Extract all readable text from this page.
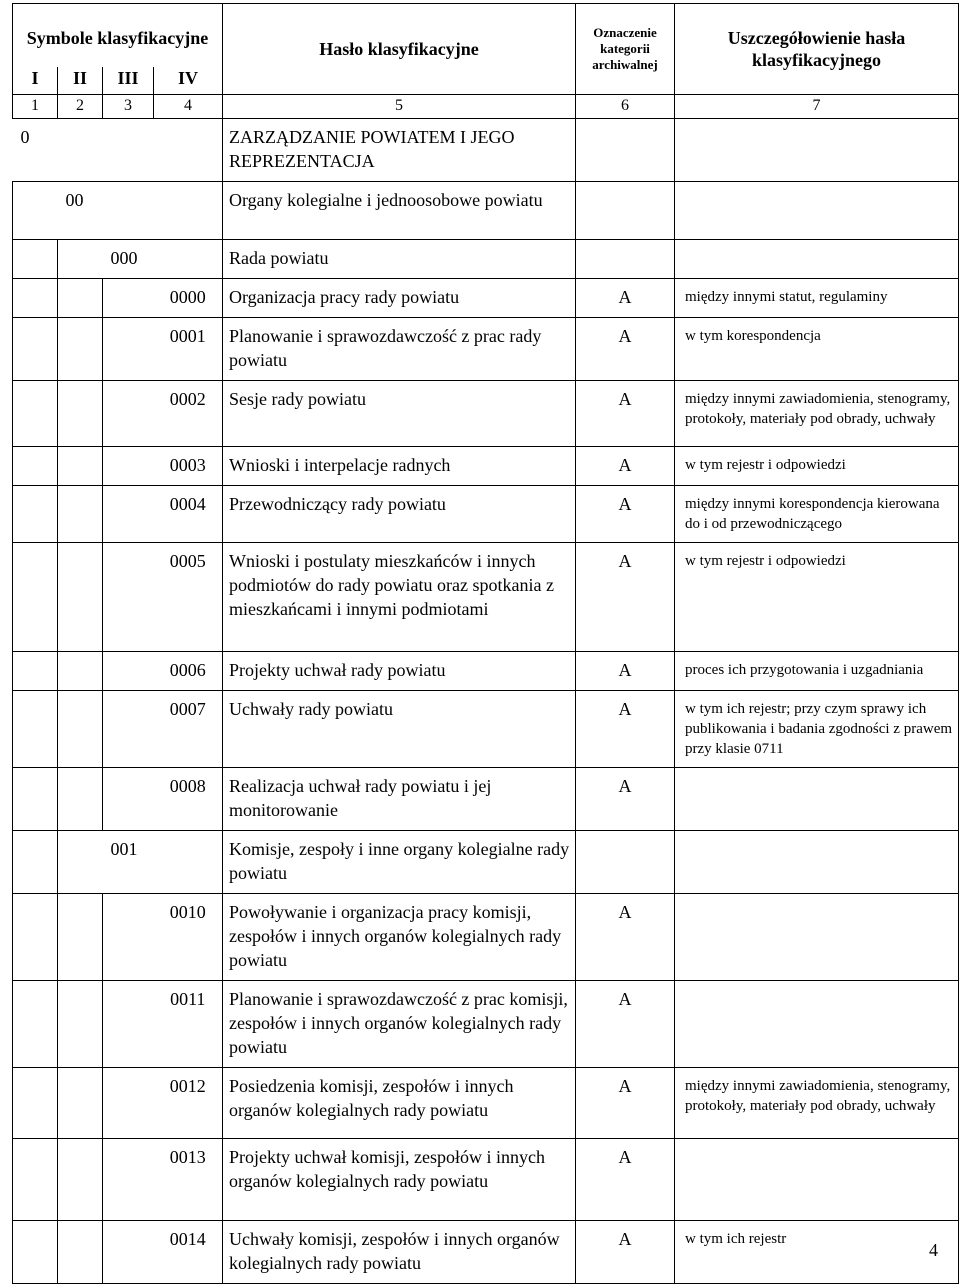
Symbole klasyfikacyjne				Hasło klasyfikacyjne	Oznaczenie kategorii archiwalnej	Uszczegółowienie hasła klasyfikacyjnego
I	II	III	IV			
1	2	3	4	5	6	7
0				ZARZĄDZANIE POWIATEM I JEGO REPREZENTACJA		
	00			Organy kolegialne i jednoosobowe powiatu		
		000		Rada powiatu		
			0000	Organizacja pracy rady powiatu	A	między innymi statut, regulaminy
			0001	Planowanie i sprawozdawczość z prac rady powiatu	A	w tym korespondencja
			0002	Sesje rady powiatu	A	między innymi zawiadomienia, stenogramy, protokoły, materiały pod obrady, uchwały
			0003	Wnioski i interpelacje radnych	A	w tym rejestr i odpowiedzi
			0004	Przewodniczący rady powiatu	A	między innymi korespondencja kierowana do i od przewodniczącego
			0005	Wnioski i postulaty mieszkańców i innych podmiotów do rady powiatu oraz spotkania z mieszkańcami i innymi podmiotami	A	w tym rejestr i odpowiedzi
			0006	Projekty uchwał rady powiatu	A	proces ich przygotowania i uzgadniania
			0007	Uchwały rady powiatu	A	w tym ich rejestr; przy czym sprawy ich publikowania i badania zgodności z prawem przy klasie 0711
			0008	Realizacja uchwał rady powiatu i jej monitorowanie	A	
		001		Komisje, zespoły i inne organy kolegialne rady powiatu		
			0010	Powoływanie i organizacja pracy komisji, zespołów i innych organów kolegialnych rady powiatu	A	
			0011	Planowanie i sprawozdawczość z prac komisji, zespołów i innych organów kolegialnych rady powiatu	A	
			0012	Posiedzenia komisji, zespołów i innych organów kolegialnych rady powiatu	A	między innymi zawiadomienia, stenogramy, protokoły, materiały pod obrady, uchwały
			0013	Projekty uchwał komisji, zespołów i innych organów kolegialnych rady powiatu	A	
			0014	Uchwały komisji, zespołów i innych organów kolegialnych rady powiatu	A	w tym ich rejestr
4
